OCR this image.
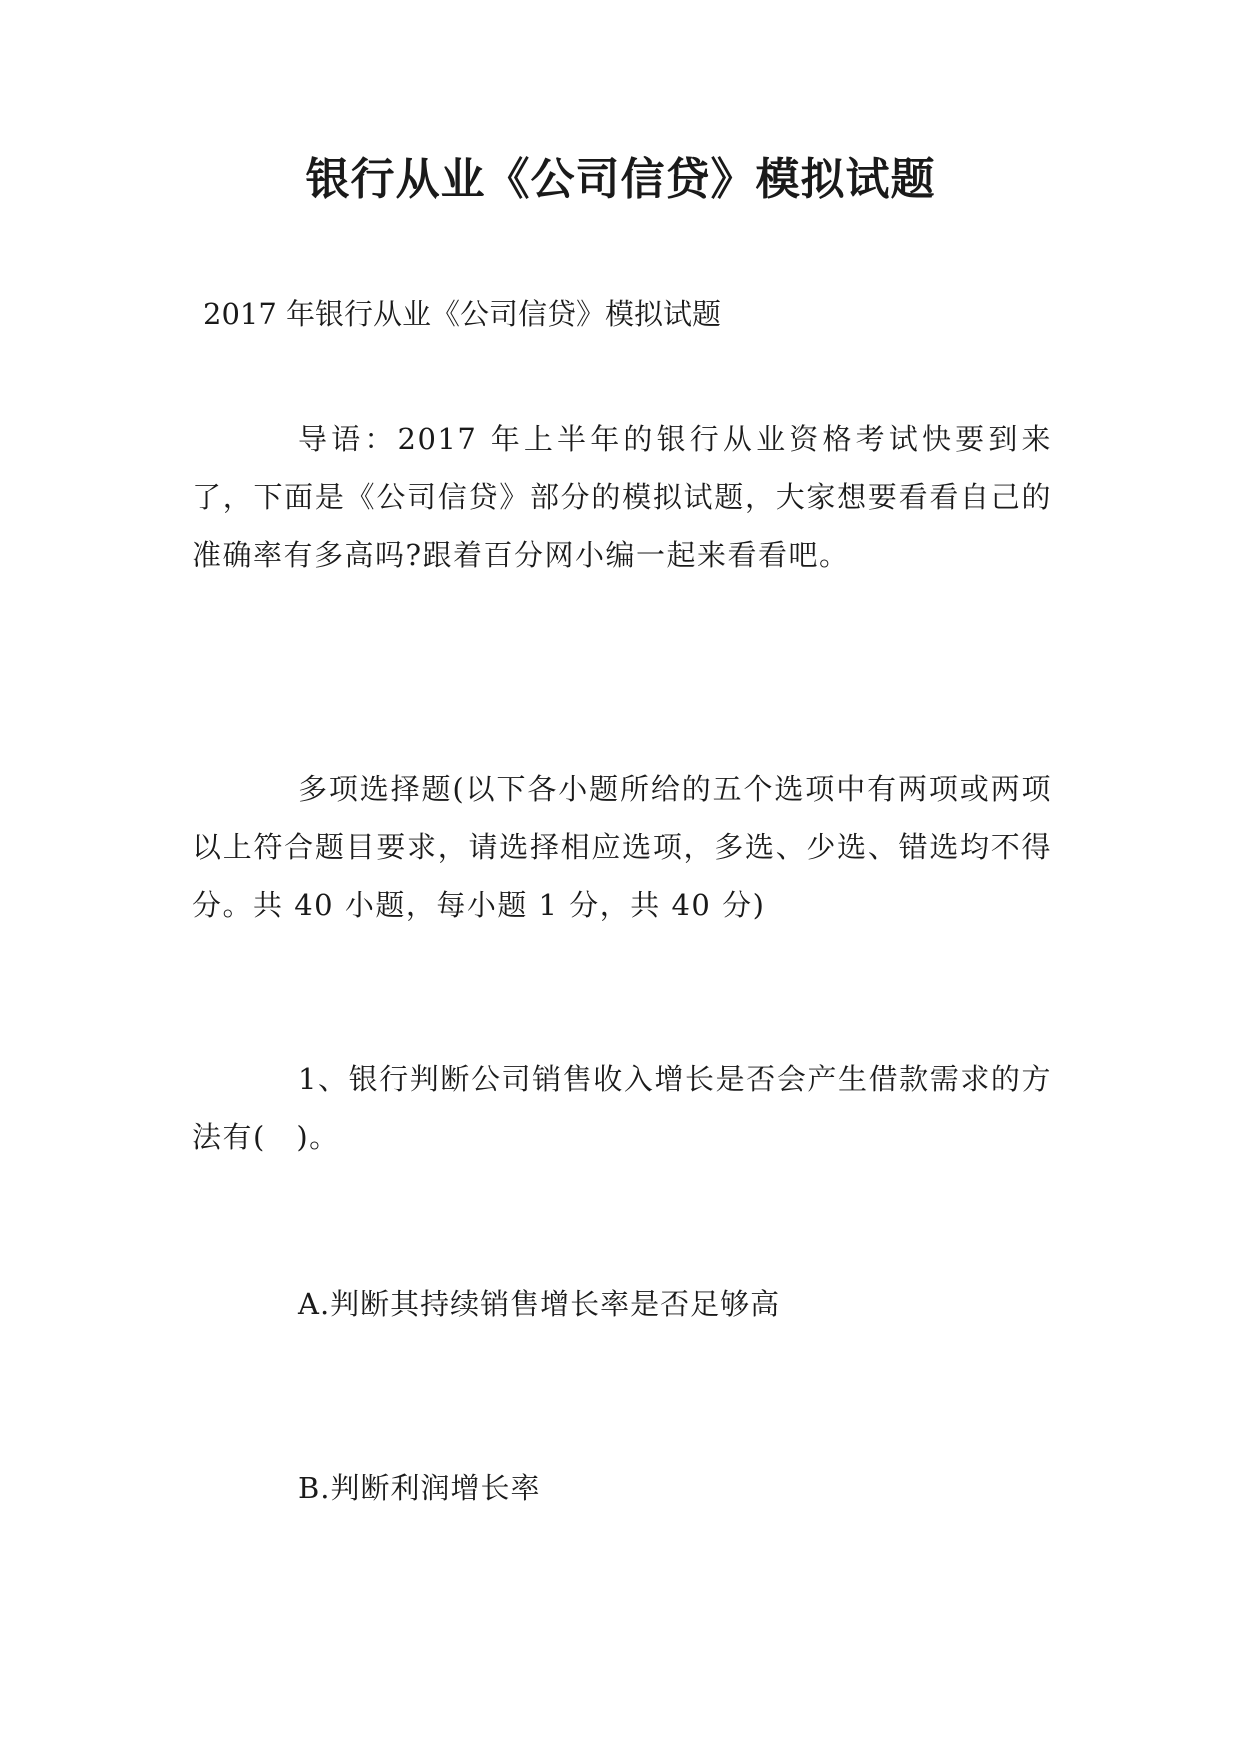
银行从业《公司信贷》模拟试题
2017 年银行从业《公司信贷》模拟试题
导语：2017 年上半年的银行从业资格考试快要到来了，下面是《公司信贷》部分的模拟试题，大家想要看看自己的准确率有多高吗?跟着百分网小编一起来看看吧。
多项选择题(以下各小题所给的五个选项中有两项或两项以上符合题目要求，请选择相应选项，多选、少选、错选均不得分。共 40 小题，每小题 1 分，共 40 分)
1、银行判断公司销售收入增长是否会产生借款需求的方法有(　)。
A.判断其持续销售增长率是否足够高
B.判断利润增长率
